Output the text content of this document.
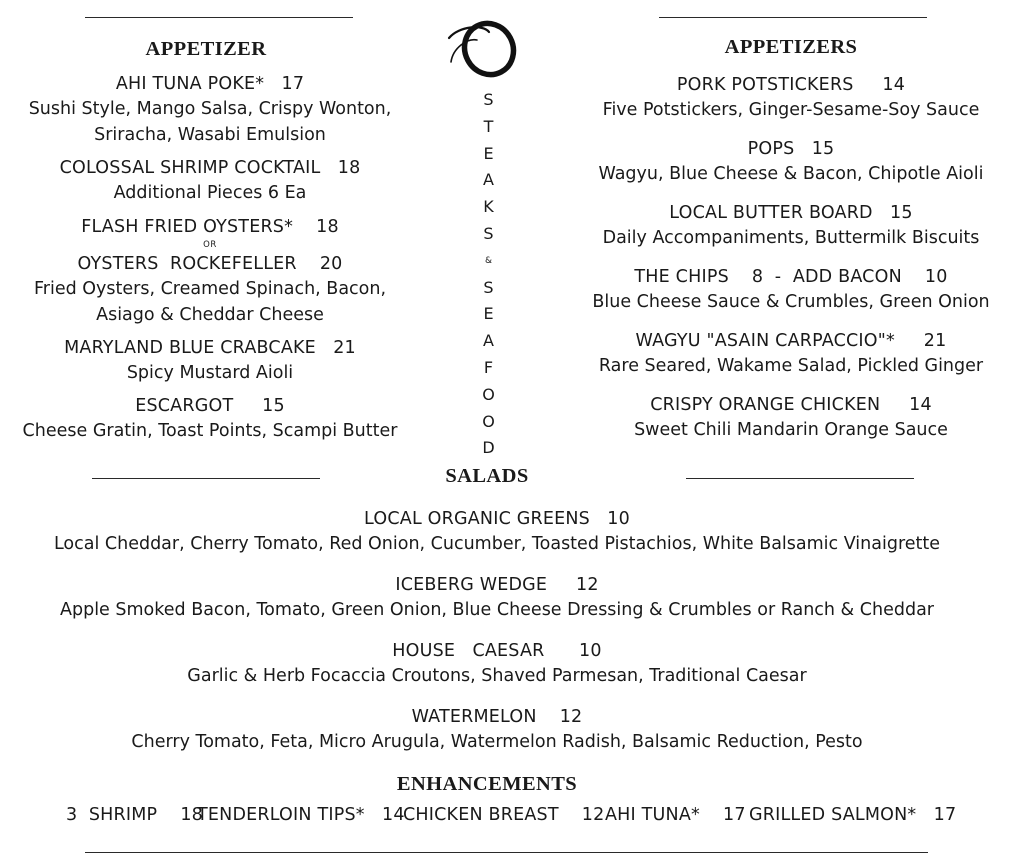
O
S
T
E
A
K
S
&
S
E
A
F
O
O
D
APPETIZER
AHI TUNA POKE*   17
Sushi Style, Mango Salsa, Crispy Wonton,
Sriracha, Wasabi Emulsion
COLOSSAL SHRIMP COCKTAIL   18
Additional Pieces 6 Ea
FLASH FRIED OYSTERS*    18
OR
OYSTERS  ROCKEFELLER    20
Fried Oysters, Creamed Spinach, Bacon,
Asiago & Cheddar Cheese
MARYLAND BLUE CRABCAKE   21
Spicy Mustard Aioli
ESCARGOT     15
Cheese Gratin, Toast Points, Scampi Butter
APPETIZERS
PORK POTSTICKERS     14
Five Potstickers, Ginger-Sesame-Soy Sauce
POPS   15
Wagyu, Blue Cheese & Bacon, Chipotle Aioli
LOCAL BUTTER BOARD   15
Daily Accompaniments, Buttermilk Biscuits
THE CHIPS    8  -  ADD BACON    10
Blue Cheese Sauce & Crumbles, Green Onion
WAGYU "ASAIN CARPACCIO"*     21
Rare Seared, Wakame Salad, Pickled Ginger
CRISPY ORANGE CHICKEN     14
Sweet Chili Mandarin Orange Sauce
SALADS
LOCAL ORGANIC GREENS   10
Local Cheddar, Cherry Tomato, Red Onion, Cucumber, Toasted Pistachios, White Balsamic Vinaigrette
ICEBERG WEDGE     12
Apple Smoked Bacon, Tomato, Green Onion, Blue Cheese Dressing & Crumbles or Ranch & Cheddar
HOUSE   CAESAR      10
Garlic & Herb Focaccia Croutons, Shaved Parmesan, Traditional Caesar
WATERMELON    12
Cherry Tomato, Feta, Micro Arugula, Watermelon Radish, Balsamic Reduction, Pesto
ENHANCEMENTS
3  SHRIMP    18
TENDERLOIN TIPS*   14
CHICKEN BREAST    12 AHI TUNA*    17 GRILLED SALMON*   17
